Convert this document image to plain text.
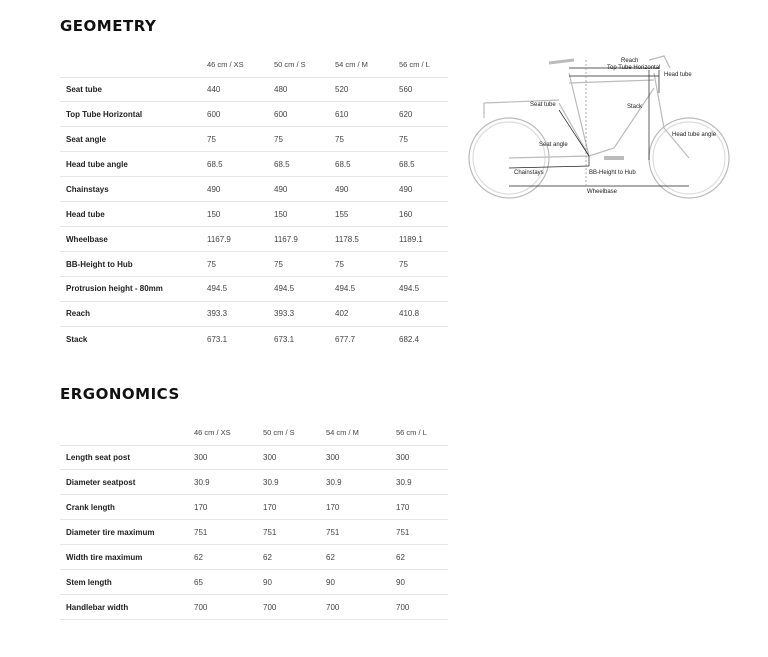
GEOMETRY
	46 cm / XS	50 cm / S	54 cm / M	56 cm / L
Seat tube	440	480	520	560
Top Tube Horizontal	600	600	610	620
Seat angle	75	75	75	75
Head tube angle	68.5	68.5	68.5	68.5
Chainstays	490	490	490	490
Head tube	150	150	155	160
Wheelbase	1167.9	1167.9	1178.5	1189.1
BB-Height to Hub	75	75	75	75
Protrusion height - 80mm	494.5	494.5	494.5	494.5
Reach	393.3	393.3	402	410.8
Stack	673.1	673.1	677.7	682.4
Reach
Top Tube Horizontal
Head tube
Seat tube	Stack
Head tube angle
Seat angle
Chainstays	BB-Height to Hub
Wheelbase
ERGONOMICS
	46 cm / XS	50 cm / S	54 cm / M	56 cm / L
Length seat post	300	300	300	300
Diameter seatpost	30.9	30.9	30.9	30.9
Crank length	170	170	170	170
Diameter tire maximum	751	751	751	751
Width tire maximum	62	62	62	62
Stem length	65	90	90	90
Handlebar width	700	700	700	700
